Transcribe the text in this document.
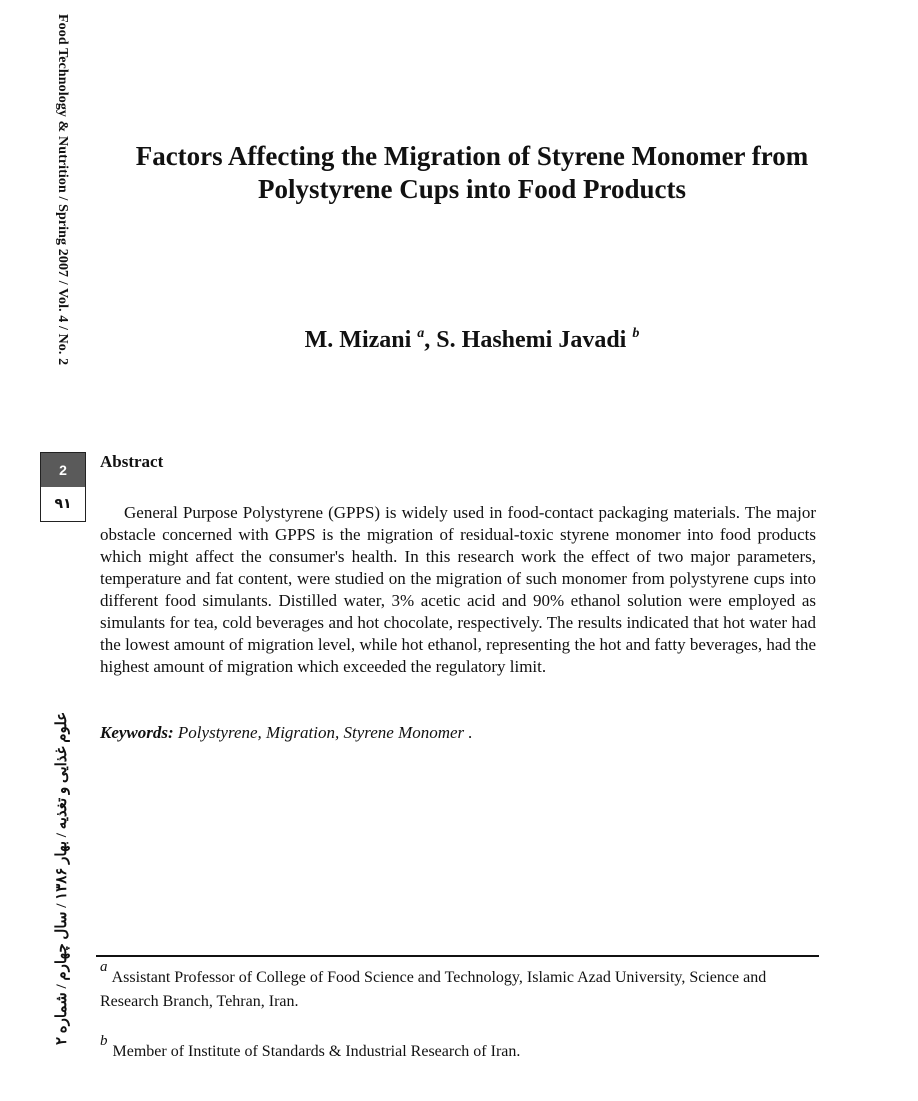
Food Technology & Nutrition / Spring 2007 / Vol. 4 / No. 2
علوم غذایی و تغذیه / بهار ۱۳۸۶ / سال چهارم / شماره ۲
2
۹۱
Factors Affecting the Migration of Styrene Monomer from Polystyrene Cups into Food Products
M. Mizani $^a$, S. Hashemi Javadi $^b$
Abstract
General Purpose Polystyrene (GPPS) is widely used in food-contact packaging materials. The major obstacle concerned with GPPS is the migration of residual-toxic styrene monomer into food products which might affect the consumer's health. In this research work the effect of two major parameters, temperature and fat content, were studied on the migration of such monomer from polystyrene cups into different food simulants. Distilled water, 3% acetic acid and 90% ethanol solution were employed as simulants for tea, cold beverages and hot chocolate, respectively. The results indicated that hot water had the lowest amount of migration level, while hot ethanol, representing the hot and fatty beverages, had the highest amount of migration which exceeded the regulatory limit.
Keywords: Polystyrene, Migration, Styrene Monomer .
a Assistant Professor of College of Food Science and Technology, Islamic Azad University, Science and Research Branch, Tehran, Iran.
b Member of Institute of Standards & Industrial Research of Iran.
